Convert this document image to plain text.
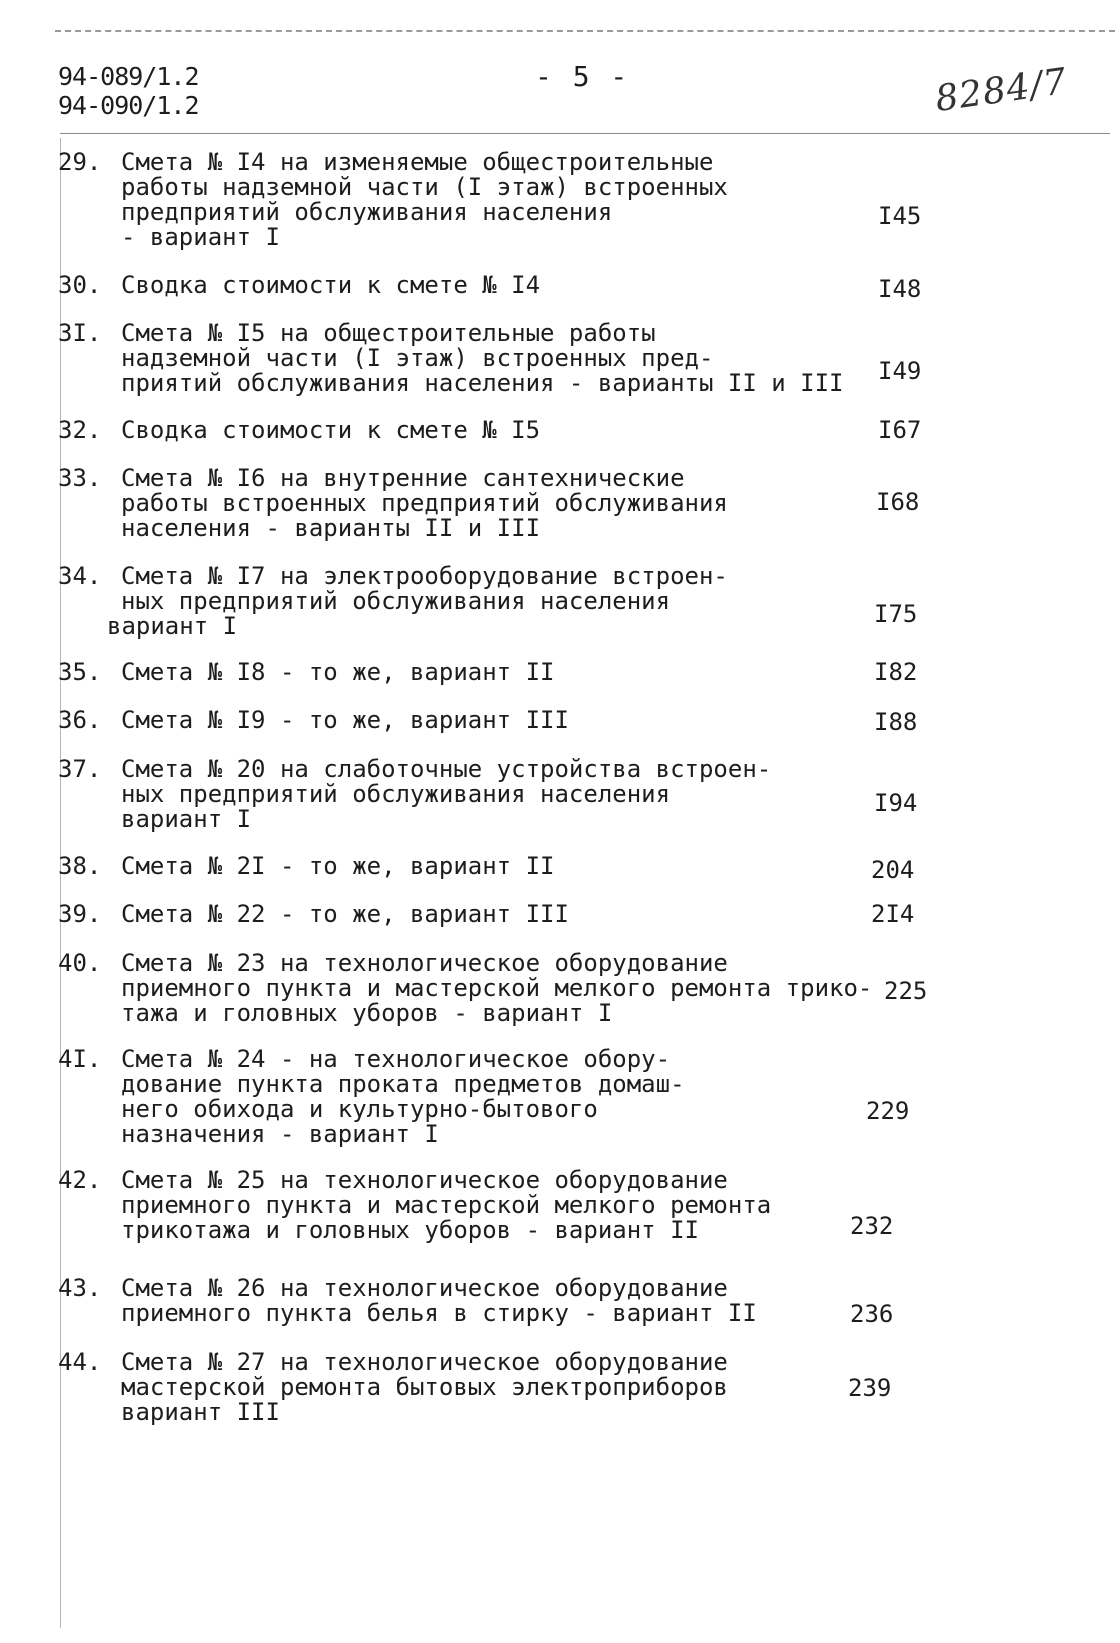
94-089/1.2
94-090/1.2
- 5 -	8284/7
29. Смета № I4 на изменяемые общестроительные
работы надземной части (I этаж) встроенных
предприятий обслуживания населения
- вариант I
I45
30. Сводка стоимости к смете № I4	I48
3I. Смета № I5 на общестроительные работы
надземной части (I этаж) встроенных пред-
приятий обслуживания населения - варианты II и III	I49
32. Сводка стоимости к смете № I5	I67
33. Смета № I6 на внутренние сантехнические
работы встроенных предприятий обслуживания
населения - варианты II и III
I68
34. Смета № I7 на электрооборудование встроен-
ных предприятий обслуживания населения
вариант I	I75
35. Смета № I8 - то же, вариант II	I82
36. Смета № I9 - то же, вариант III	I88
37. Смета № 20 на слаботочные устройства встроен-
ных предприятий обслуживания населения
вариант I
I94
38. Смета № 2I - то же, вариант II	204
39. Смета № 22 - то же, вариант III	2I4
40. Смета № 23 на технологическое оборудование
приемного пункта и мастерской мелкого ремонта трико-
тажа и головных уборов - вариант I
225
4I. Смета № 24 - на технологическое обору-
дование пункта проката предметов домаш-
него обихода и культурно-бытового
назначения - вариант I
229
42. Смета № 25 на технологическое оборудование
приемного пункта и мастерской мелкого ремонта
трикотажа и головных уборов - вариант II	232
43. Смета № 26 на технологическое оборудование
приемного пункта белья в стирку - вариант II	236
44. Смета № 27 на технологическое оборудование
мастерской ремонта бытовых электроприборов
вариант III
239
